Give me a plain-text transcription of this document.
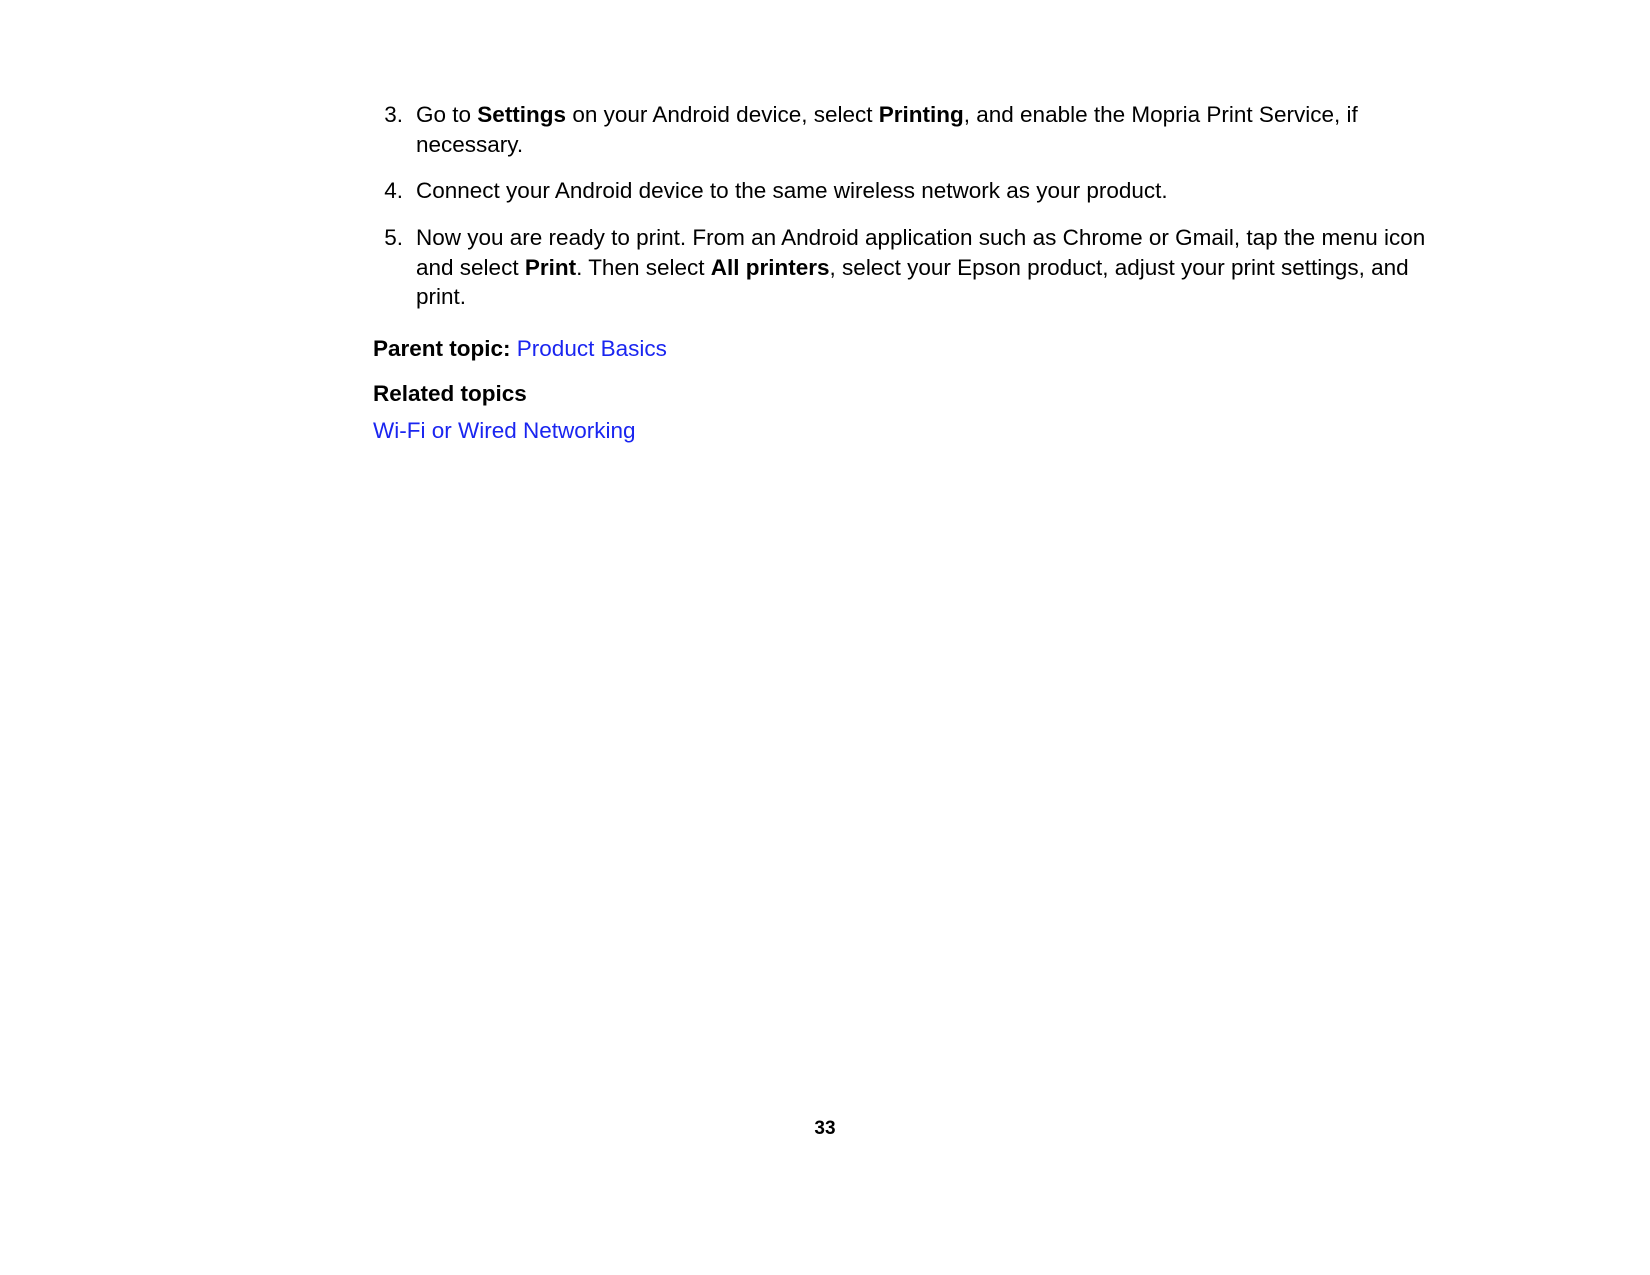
3. Go to Settings on your Android device, select Printing, and enable the Mopria Print Service, if necessary.
4. Connect your Android device to the same wireless network as your product.
5. Now you are ready to print. From an Android application such as Chrome or Gmail, tap the menu icon and select Print. Then select All printers, select your Epson product, adjust your print settings, and print.
Parent topic: Product Basics
Related topics
Wi-Fi or Wired Networking
33
